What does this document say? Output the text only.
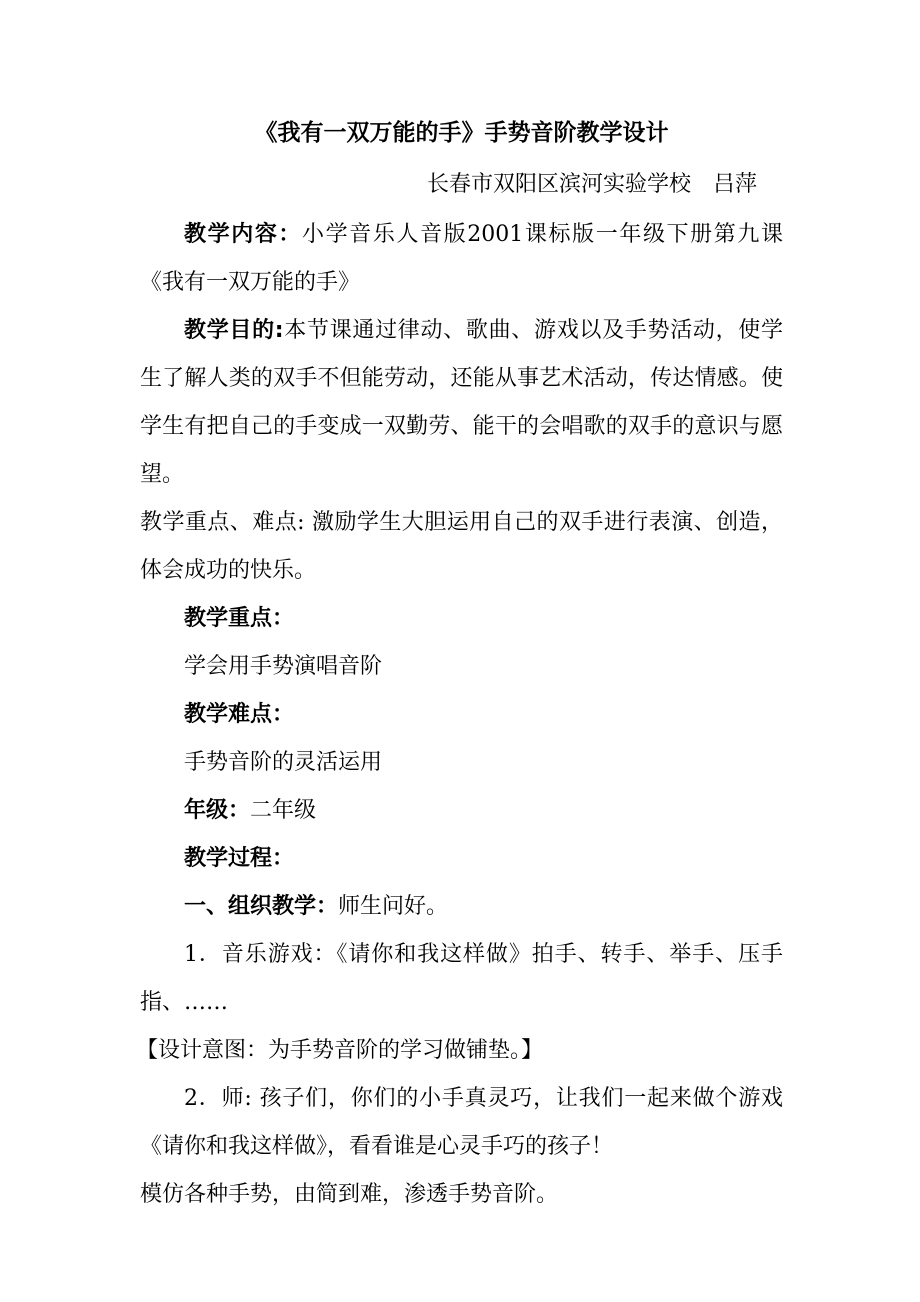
《我有一双万能的手》手势音阶教学设计
长春市双阳区滨河实验学校　吕萍
教学内容：小学音乐人音版2001课标版一年级下册第九课《我有一双万能的手》
教学目的:本节课通过律动、歌曲、游戏以及手势活动，使学生了解人类的双手不但能劳动，还能从事艺术活动，传达情感。使学生有把自己的手变成一双勤劳、能干的会唱歌的双手的意识与愿望。
教学重点、难点: 激励学生大胆运用自己的双手进行表演、创造，体会成功的快乐。
教学重点：
学会用手势演唱音阶
教学难点：
手势音阶的灵活运用
年级：二年级
教学过程：
一、组织教学：师生问好。
1．音乐游戏：《请你和我这样做》拍手、转手、举手、压手指、……
【设计意图：为手势音阶的学习做铺垫。】
2．师: 孩子们，你们的小手真灵巧，让我们一起来做个游戏《请你和我这样做》，看看谁是心灵手巧的孩子！
模仿各种手势，由简到难，渗透手势音阶。
